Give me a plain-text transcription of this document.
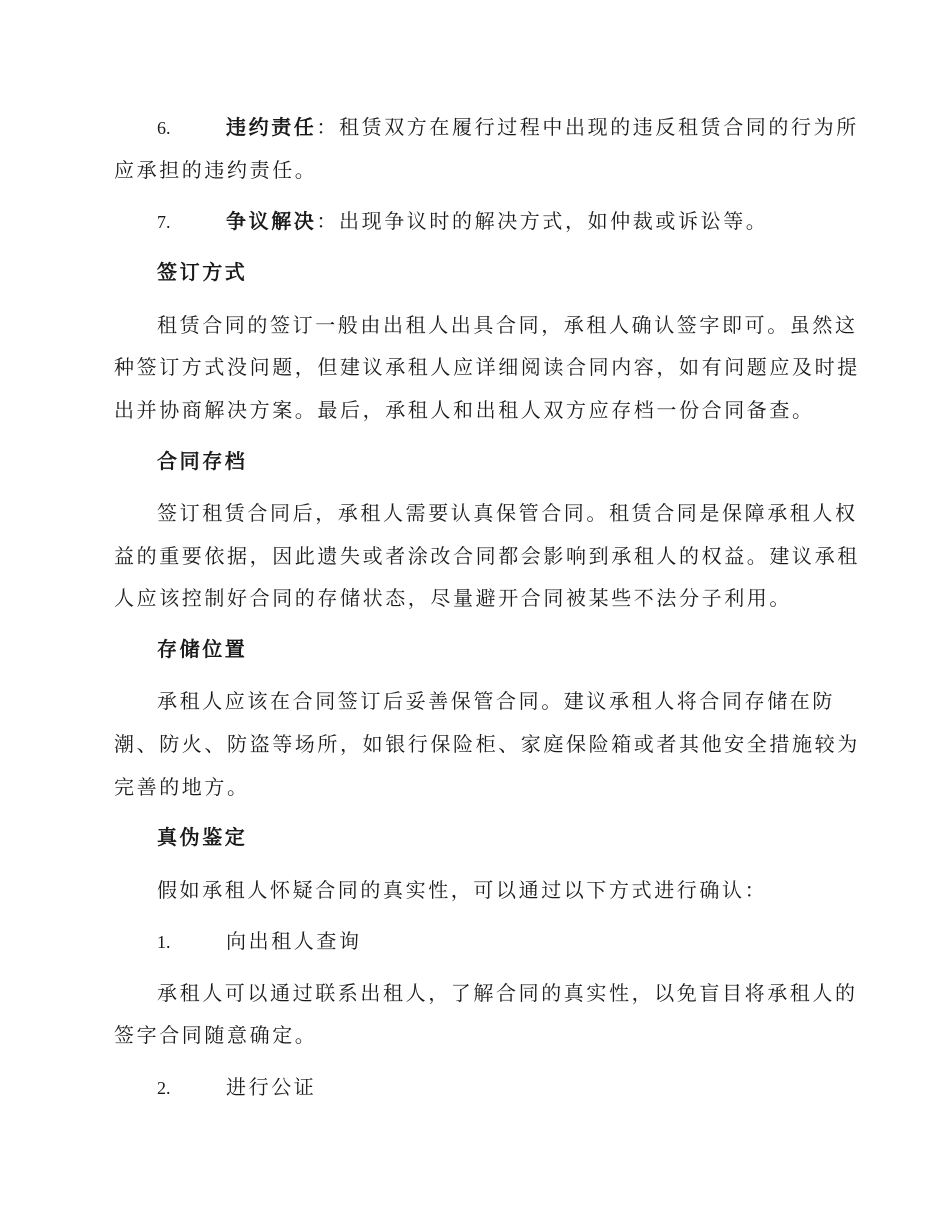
6.	违约责任：租赁双方在履行过程中出现的违反租赁合同的行为所
应承担的违约责任。
7.	争议解决：出现争议时的解决方式，如仲裁或诉讼等。
签订方式
租赁合同的签订一般由出租人出具合同，承租人确认签字即可。虽然这
种签订方式没问题，但建议承租人应详细阅读合同内容，如有问题应及时提
出并协商解决方案。最后，承租人和出租人双方应存档一份合同备查。
合同存档
签订租赁合同后，承租人需要认真保管合同。租赁合同是保障承租人权
益的重要依据，因此遗失或者涂改合同都会影响到承租人的权益。建议承租
人应该控制好合同的存储状态，尽量避开合同被某些不法分子利用。
存储位置
承租人应该在合同签订后妥善保管合同。建议承租人将合同存储在防
潮、防火、防盗等场所，如银行保险柜、家庭保险箱或者其他安全措施较为
完善的地方。
真伪鉴定
假如承租人怀疑合同的真实性，可以通过以下方式进行确认：
1.	向出租人查询
承租人可以通过联系出租人，了解合同的真实性，以免盲目将承租人的
签字合同随意确定。
2.	进行公证
